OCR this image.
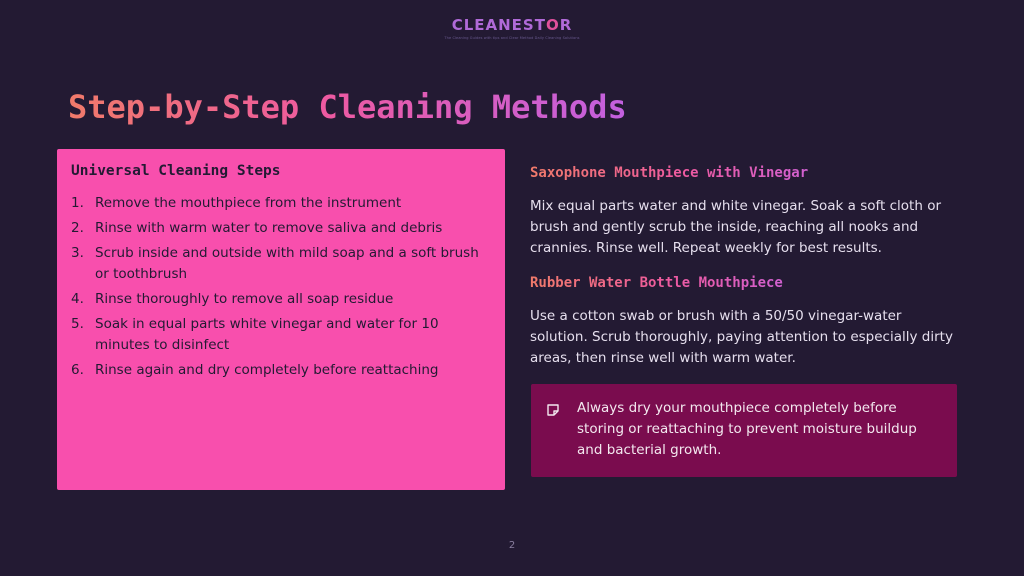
CLEANESTOR
The Cleaning Guides with tips and Clear Method Daily Cleaning Solutions
Step-by-Step Cleaning Methods
Universal Cleaning Steps
1. Remove the mouthpiece from the instrument
2. Rinse with warm water to remove saliva and debris
3. Scrub inside and outside with mild soap and a soft brush or toothbrush
4. Rinse thoroughly to remove all soap residue
5. Soak in equal parts white vinegar and water for 10 minutes to disinfect
6. Rinse again and dry completely before reattaching
Saxophone Mouthpiece with Vinegar

Mix equal parts water and white vinegar. Soak a soft cloth or brush and gently scrub the inside, reaching all nooks and crannies. Rinse well. Repeat weekly for best results.

Rubber Water Bottle Mouthpiece

Use a cotton swab or brush with a 50/50 vinegar-water solution. Scrub thoroughly, paying attention to especially dirty areas, then rinse well with warm water.

Always dry your mouthpiece completely before storing or reattaching to prevent moisture buildup and bacterial growth.

2
